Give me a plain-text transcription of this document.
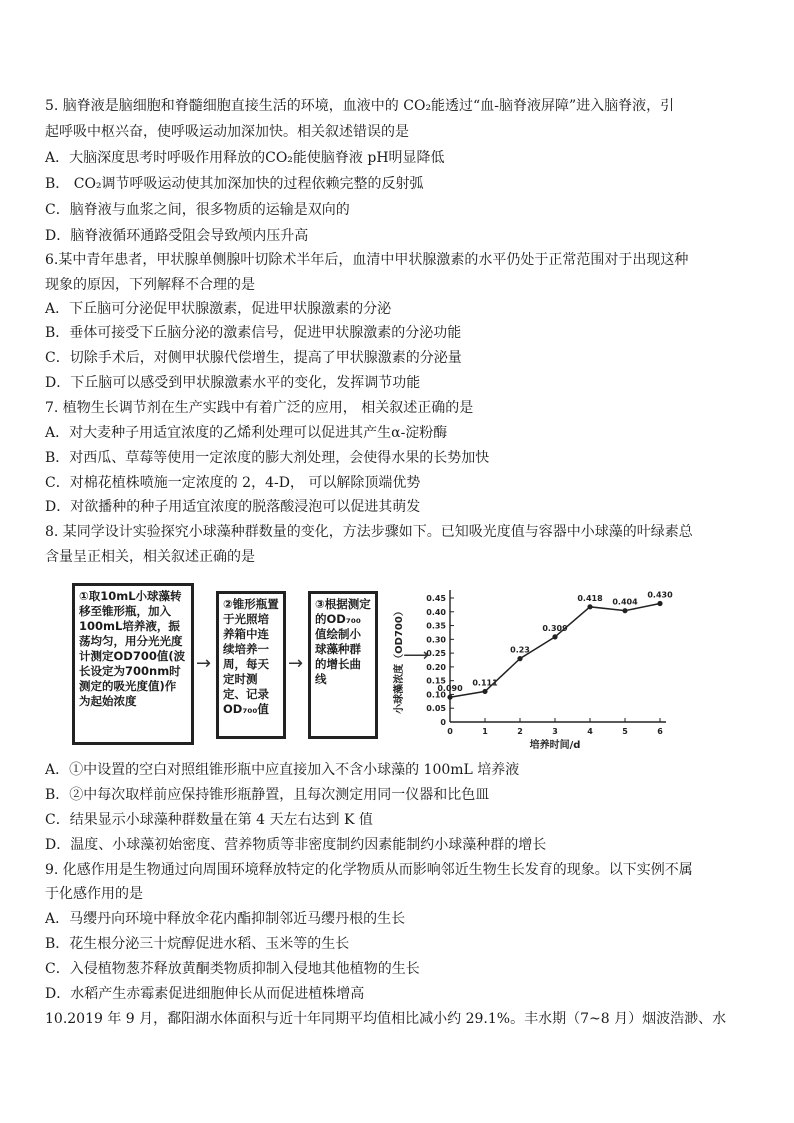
5. 脑脊液是脑细胞和脊髓细胞直接生活的环境，血液中的 CO₂能透过“血-脑脊液屏障”进入脑脊液，引
起呼吸中枢兴奋，使呼吸运动加深加快。相关叙述错误的是
A．大脑深度思考时呼吸作用释放的CO₂能使脑脊液 pH明显降低
B． CO₂调节呼吸运动使其加深加快的过程依赖完整的反射弧
C．脑脊液与血浆之间，很多物质的运输是双向的
D．脑脊液循环通路受阻会导致颅内压升高
6.某中青年患者，甲状腺单侧腺叶切除术半年后，血清中甲状腺激素的水平仍处于正常范围对于出现这种
现象的原因，下列解释不合理的是
A．下丘脑可分泌促甲状腺激素，促进甲状腺激素的分泌
B．垂体可接受下丘脑分泌的激素信号，促进甲状腺激素的分泌功能
C．切除手术后，对侧甲状腺代偿增生，提高了甲状腺激素的分泌量
D．下丘脑可以感受到甲状腺激素水平的变化，发挥调节功能
7. 植物生长调节剂在生产实践中有着广泛的应用， 相关叙述正确的是
A．对大麦种子用适宜浓度的乙烯利处理可以促进其产生α-淀粉酶
B．对西瓜、草莓等使用一定浓度的膨大剂处理，会使得水果的长势加快
C．对棉花植株喷施一定浓度的 2，4-D， 可以解除顶端优势
D．对欲播种的种子用适宜浓度的脱落酸浸泡可以促进其萌发
8. 某同学设计实验探究小球藻种群数量的变化，方法步骤如下。已知吸光度值与容器中小球藻的叶绿素总
含量呈正相关，相关叙述正确的是
①取10mL小球藻转移至锥形瓶，加入100mL培养液，振荡均匀，用分光光度计测定OD700值(波长设定为700nm时测定的吸光度值)作为起始浓度
→
②锥形瓶置于光照培养箱中连续培养一周，每天定时测定、记录OD₇₀₀值
→
③根据测定的OD₇₀₀值绘制小球藻种群的增长曲线
⟶
0
0.05
0.10
0.15
0.20
0.25
0.30
0.35
0.40
0.45
0	1	2	3	4	5	6
0.090
0.111
0.23
0.309
0.418 0.404
0.430
培养时间/d
小球藻浓度（OD700）
A．①中设置的空白对照组锥形瓶中应直接加入不含小球藻的 100mL 培养液
B．②中每次取样前应保持锥形瓶静置，且每次测定用同一仪器和比色皿
C．结果显示小球藻种群数量在第 4 天左右达到 K 值
D．温度、小球藻初始密度、营养物质等非密度制约因素能制约小球藻种群的增长
9. 化感作用是生物通过向周围环境释放特定的化学物质从而影响邻近生物生长发育的现象。以下实例不属
于化感作用的是
A．马缨丹向环境中释放伞花内酯抑制邻近马缨丹根的生长
B．花生根分泌三十烷醇促进水稻、玉米等的生长
C．入侵植物葱芥释放黄酮类物质抑制入侵地其他植物的生长
D．水稻产生赤霉素促进细胞伸长从而促进植株增高
10.2019 年 9 月，鄱阳湖水体面积与近十年同期平均值相比减小约 29.1%。丰水期（7~8 月）烟波浩渺、水
